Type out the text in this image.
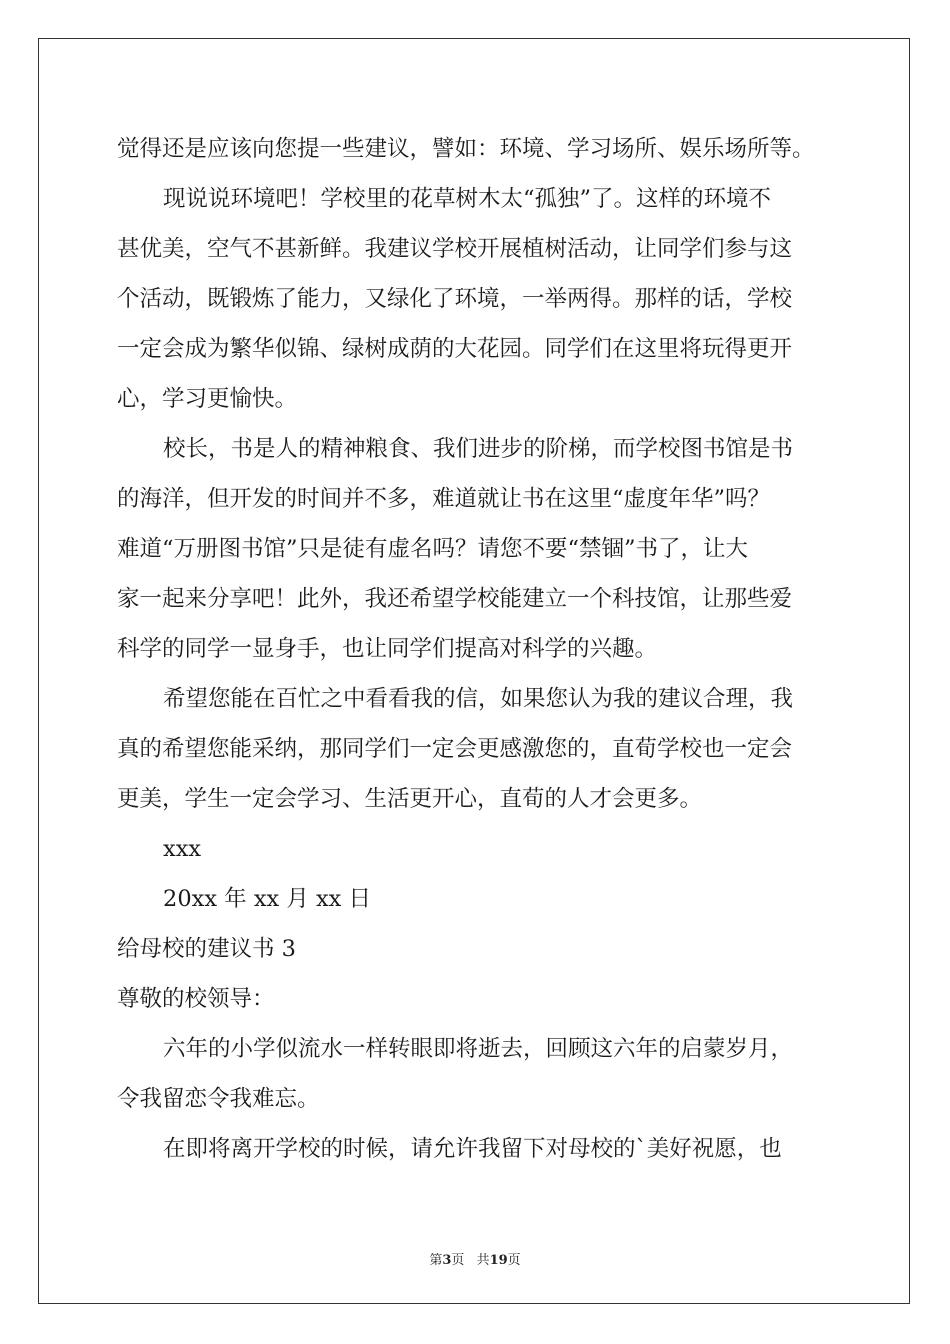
觉得还是应该向您提一些建议，譬如：环境、学习场所、娱乐场所等。
现说说环境吧！学校里的花草树木太“孤独”了。这样的环境不
甚优美，空气不甚新鲜。我建议学校开展植树活动，让同学们参与这
个活动，既锻炼了能力，又绿化了环境，一举两得。那样的话，学校
一定会成为繁华似锦、绿树成荫的大花园。同学们在这里将玩得更开
心，学习更愉快。
校长，书是人的精神粮食、我们进步的阶梯，而学校图书馆是书
的海洋，但开发的时间并不多，难道就让书在这里“虚度年华”吗？
难道“万册图书馆”只是徒有虚名吗？请您不要“禁锢”书了，让大
家一起来分享吧！此外，我还希望学校能建立一个科技馆，让那些爱
科学的同学一显身手，也让同学们提高对科学的兴趣。
希望您能在百忙之中看看我的信，如果您认为我的建议合理，我
真的希望您能采纳，那同学们一定会更感激您的，直荀学校也一定会
更美，学生一定会学习、生活更开心，直荀的人才会更多。
xxx
20xx 年 xx 月 xx 日
给母校的建议书 3
尊敬的校领导：
六年的小学似流水一样转眼即将逝去，回顾这六年的启蒙岁月，
令我留恋令我难忘。
在即将离开学校的时候，请允许我留下对母校的`美好祝愿，也
第3页 共19页
